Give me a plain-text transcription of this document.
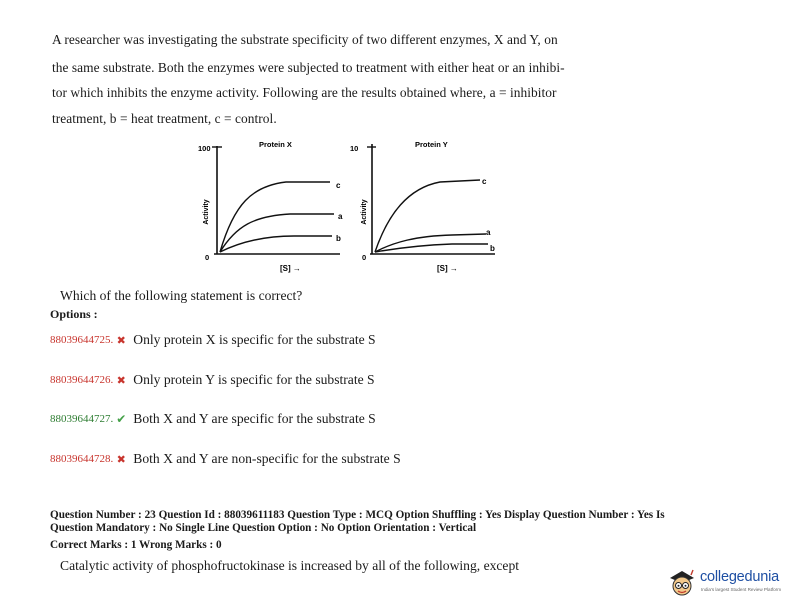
A researcher was investigating the substrate specificity of two different enzymes, X and Y, on
the same substrate. Both the enzymes were subjected to treatment with either heat or an inhibi-
tor which inhibits the enzyme activity. Following are the results obtained where, a = inhibitor
treatment, b = heat treatment, c = control.
100
0
Protein X
Activity
c
a
b
[S] →
10
0
Protein Y
Activity
c
a
b
[S] →
Which of the following statement is correct?
Options :
88039644725. ✖ Only protein X is specific for the substrate S
88039644726. ✖ Only protein Y is specific for the substrate S
88039644727. ✔ Both X and Y are specific for the substrate S
88039644728. ✖ Both X and Y are non-specific for the substrate S
Question Number : 23 Question Id : 88039611183 Question Type : MCQ Option Shuffling : Yes Display Question Number : Yes Is
Question Mandatory : No Single Line Question Option : No Option Orientation : Vertical
Correct Marks : 1 Wrong Marks : 0
Catalytic activity of phosphofructokinase is increased by all of the following, except
collegedunia
India's largest Student Review Platform
